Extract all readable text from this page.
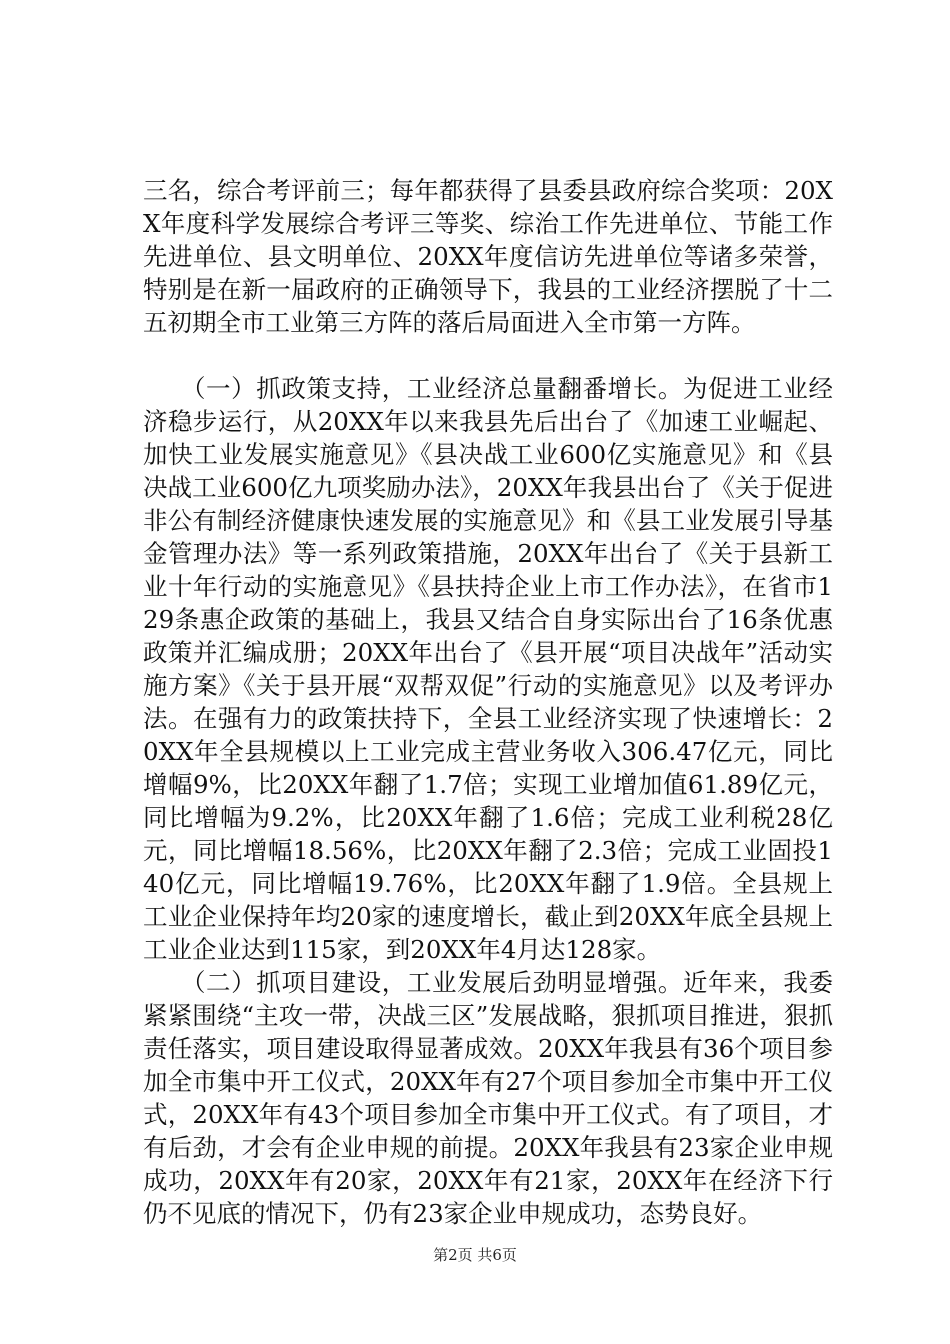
三名，综合考评前三；每年都获得了县委县政府综合奖项：20XX年度科学发展综合考评三等奖、综治工作先进单位、节能工作先进单位、县文明单位、20XX年度信访先进单位等诸多荣誉，特别是在新一届政府的正确领导下，我县的工业经济摆脱了十二五初期全市工业第三方阵的落后局面进入全市第一方阵。

　　（一）抓政策支持，工业经济总量翻番增长。为促进工业经济稳步运行，从20XX年以来我县先后出台了《加速工业崛起、加快工业发展实施意见》《县决战工业600亿实施意见》和《县决战工业600亿九项奖励办法》，20XX年我县出台了《关于促进非公有制经济健康快速发展的实施意见》和《县工业发展引导基金管理办法》等一系列政策措施，20XX年出台了《关于县新工业十年行动的实施意见》《县扶持企业上市工作办法》，在省市129条惠企政策的基础上，我县又结合自身实际出台了16条优惠政策并汇编成册；20XX年出台了《县开展“项目决战年”活动实施方案》《关于县开展“双帮双促”行动的实施意见》以及考评办法。在强有力的政策扶持下，全县工业经济实现了快速增长：20XX年全县规模以上工业完成主营业务收入306.47亿元，同比增幅9%，比20XX年翻了1.7倍；实现工业增加值61.89亿元，同比增幅为9.2%，比20XX年翻了1.6倍；完成工业利税28亿元，同比增幅18.56%，比20XX年翻了2.3倍；完成工业固投140亿元，同比增幅19.76%，比20XX年翻了1.9倍。全县规上工业企业保持年均20家的速度增长，截止到20XX年底全县规上工业企业达到115家，到20XX年4月达128家。

　　（二）抓项目建设，工业发展后劲明显增强。近年来，我委紧紧围绕“主攻一带，决战三区”发展战略，狠抓项目推进，狠抓责任落实，项目建设取得显著成效。20XX年我县有36个项目参加全市集中开工仪式，20XX年有27个项目参加全市集中开工仪式，20XX年有43个项目参加全市集中开工仪式。有了项目，才有后劲，才会有企业申规的前提。20XX年我县有23家企业申规成功，20XX年有20家，20XX年有21家，20XX年在经济下行仍不见底的情况下，仍有23家企业申规成功，态势良好。

第2页 共6页
